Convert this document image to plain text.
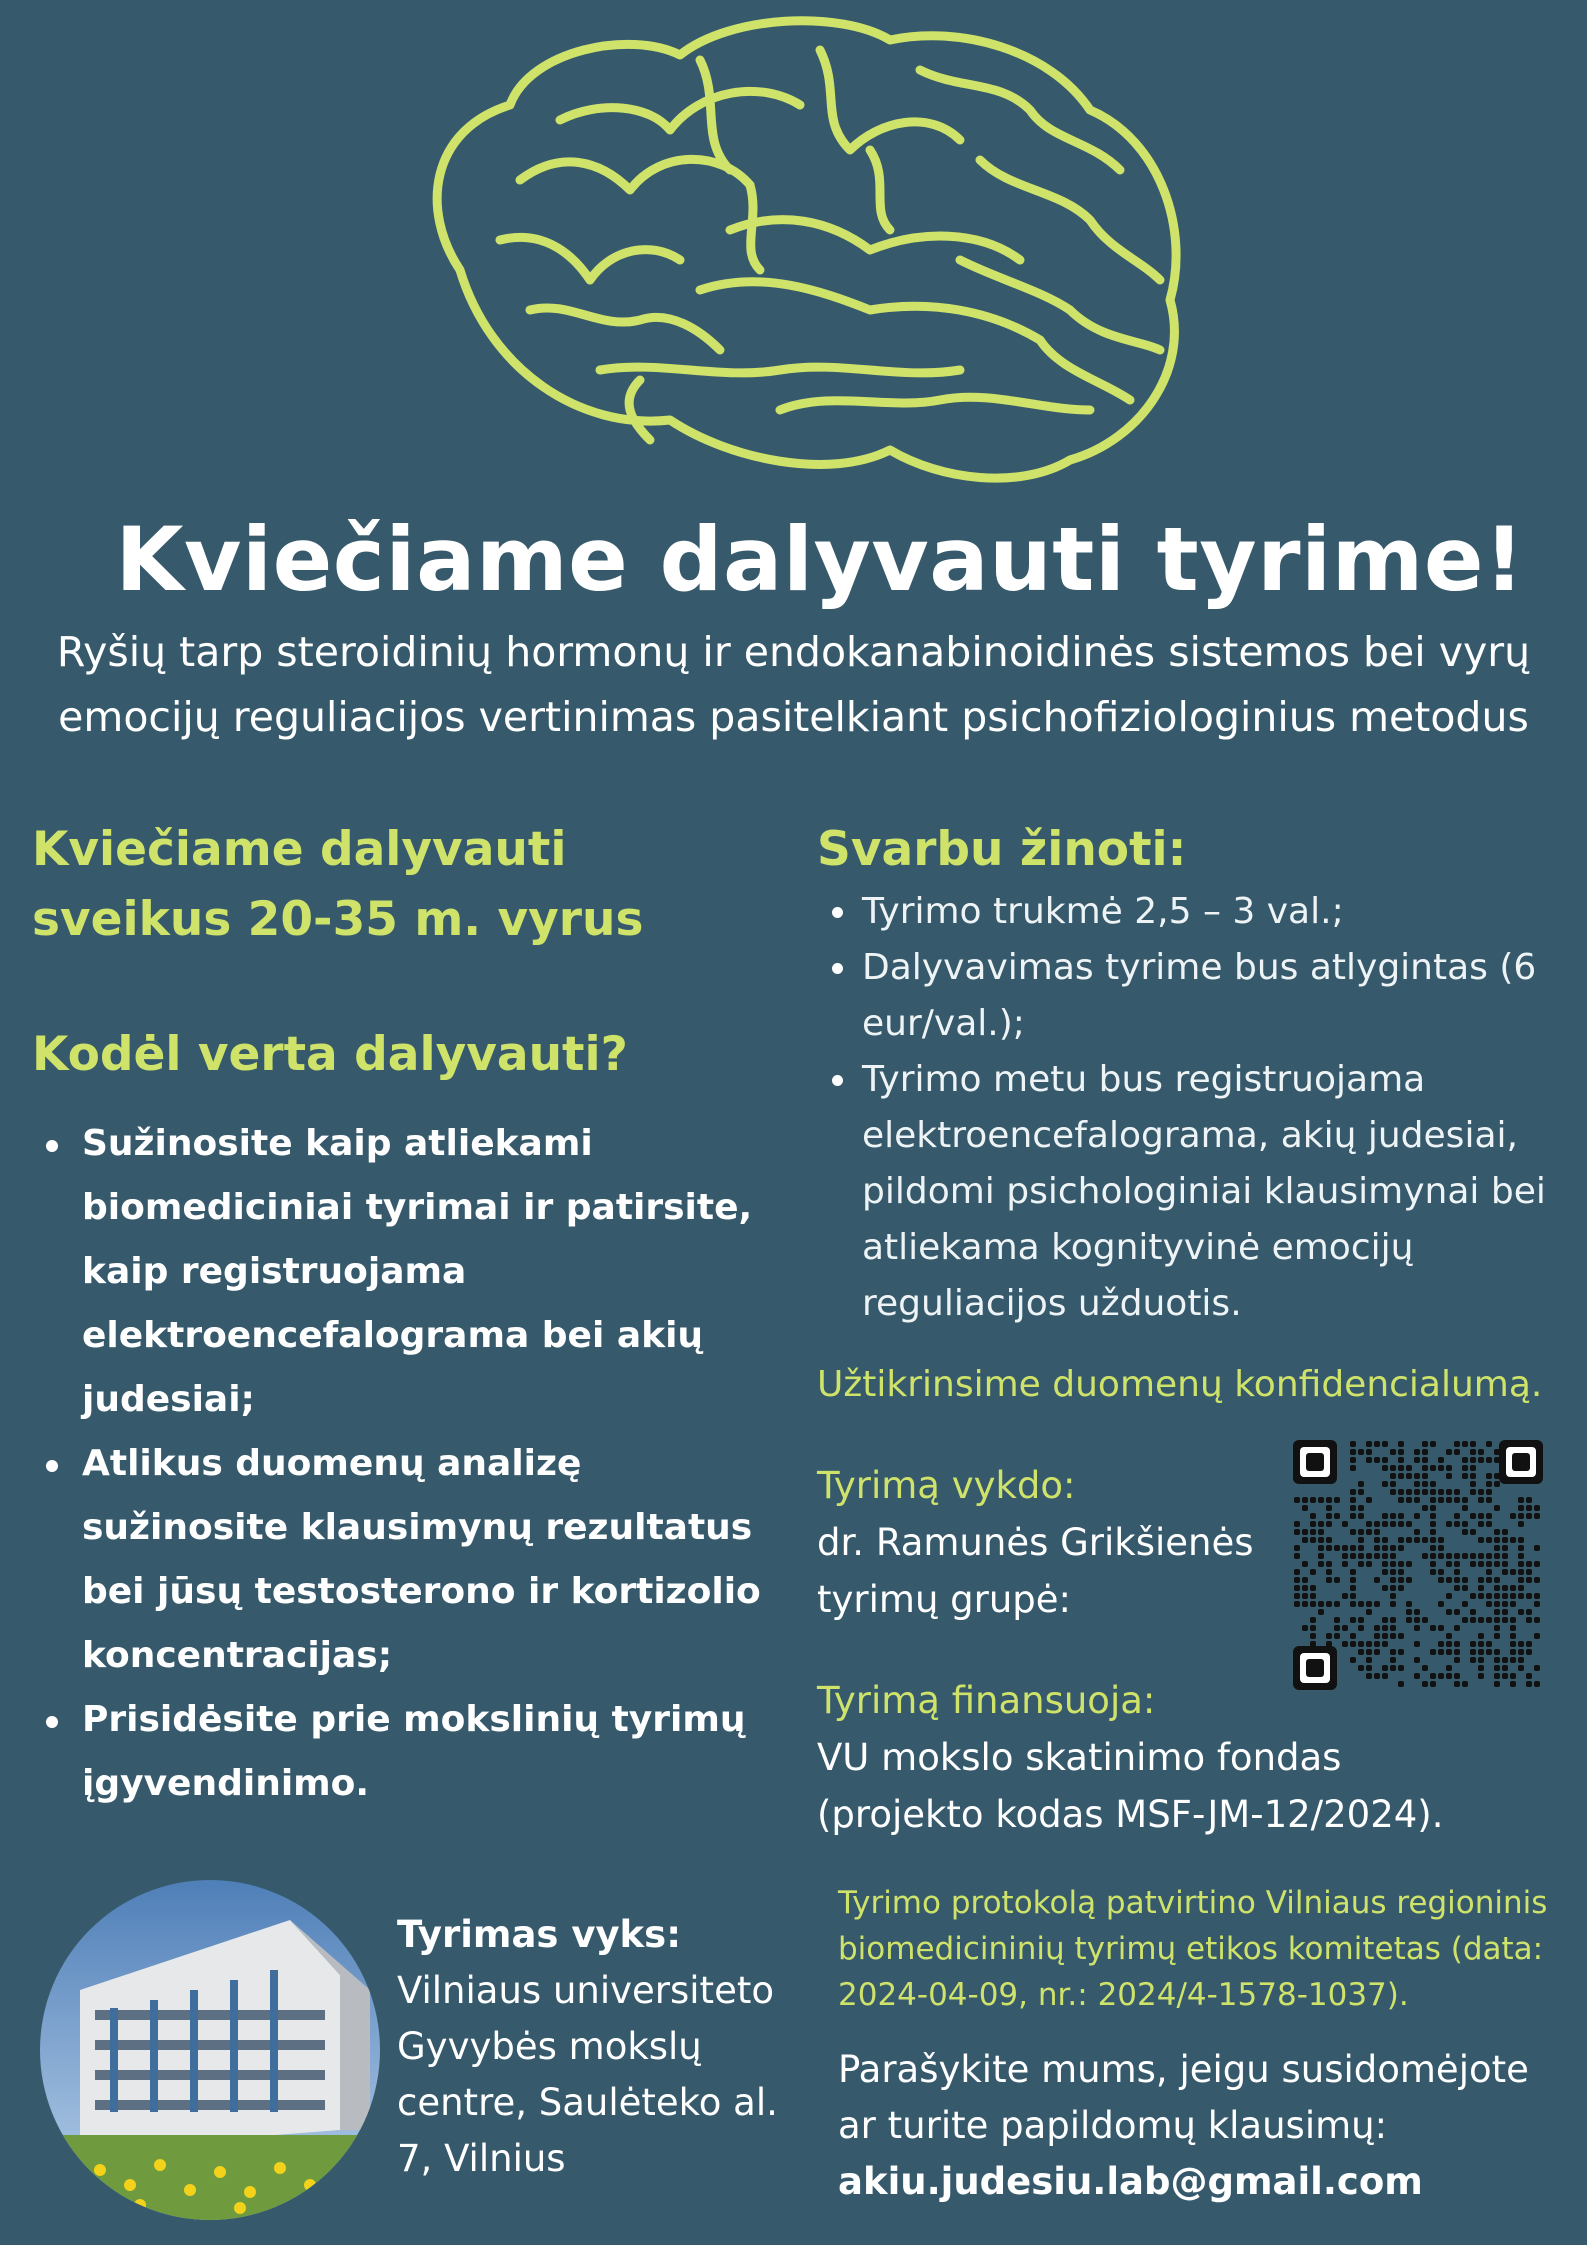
Kviečiame dalyvauti tyrime!
Ryšių tarp steroidinių hormonų ir endokanabinoidinės sistemos bei vyrų emocijų reguliacijos vertinimas pasitelkiant psichofiziologinius metodus
Kviečiame dalyvauti
sveikus 20-35 m. vyrus
Kodėl verta dalyvauti?
Sužinosite kaip atliekami biomediciniai tyrimai ir patirsite, kaip registruojama elektroencefalograma bei akių judesiai;
Atlikus duomenų analizę sužinosite klausimynų rezultatus bei jūsų testosterono ir kortizolio koncentracijas;
Prisidėsite prie mokslinių tyrimų įgyvendinimo.
Svarbu žinoti:
Tyrimo trukmė 2,5 – 3 val.;
Dalyvavimas tyrime bus atlygintas (6 eur/val.);
Tyrimo metu bus registruojama elektroencefalograma, akių judesiai, pildomi psichologiniai klausimynai bei atliekama kognityvinė emocijų reguliacijos užduotis.
Užtikrinsime duomenų konfidencialumą.
Tyrimą vykdo:
dr. Ramunės Grikšienės tyrimų grupė:
Tyrimą finansuoja:
VU mokslo skatinimo fondas
(projekto kodas MSF-JM-12/2024).
Tyrimas vyks:
Vilniaus universiteto Gyvybės mokslų centre, Saulėteko al. 7, Vilnius
Tyrimo protokolą patvirtino Vilniaus regioninis biomedicininių tyrimų etikos komitetas (data: 2024-04-09, nr.: 2024/4-1578-1037).
Parašykite mums, jeigu susidomėjote ar turite papildomų klausimų:
akiu.judesiu.lab@gmail.com
